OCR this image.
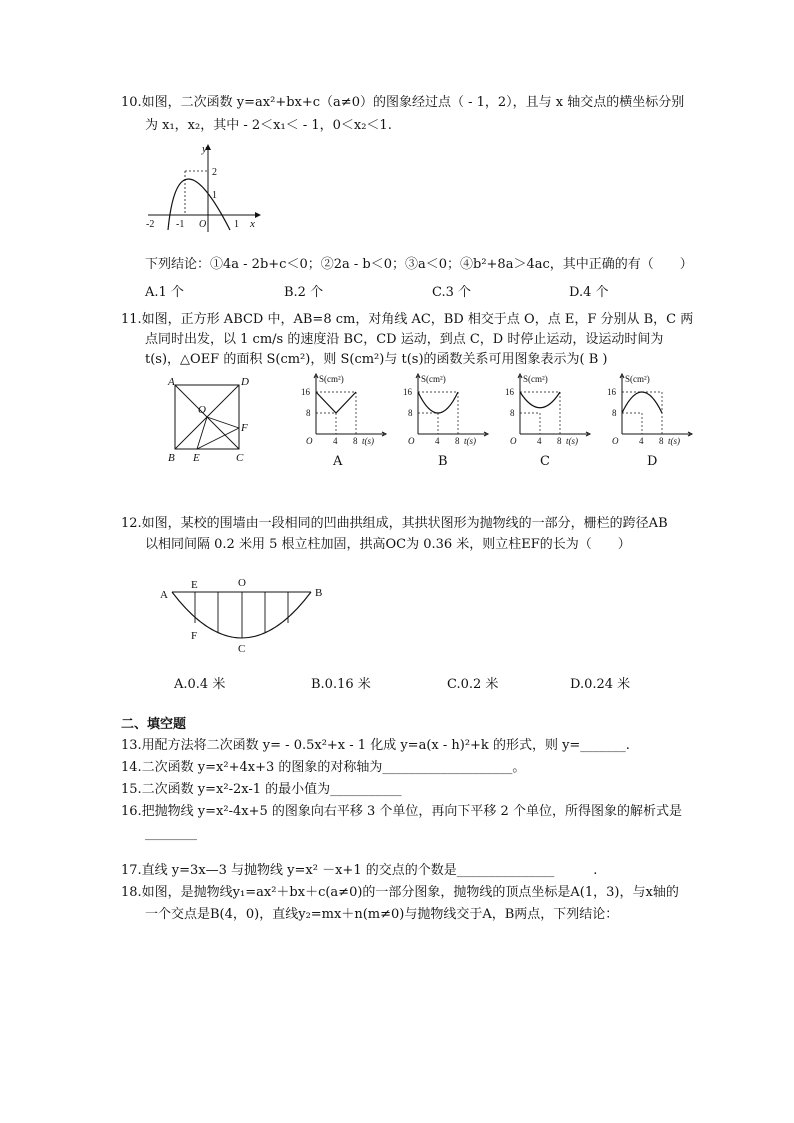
10.如图，二次函数 y=ax²+bx+c（a≠0）的图象经过点（ - 1，2），且与 x 轴交点的横坐标分别
为 x₁，x₂，其中 - 2＜x₁＜ - 1，0＜x₂＜1.
y
x
2
1
-2 -1 O	1
下列结论：①4a - 2b+c＜0；②2a - b＜0；③a＜0；④b²+8a＞4ac，其中正确的有（　　）
A.1 个	B.2 个	C.3 个	D.4 个
11.如图，正方形 ABCD 中，AB=8 cm，对角线 AC，BD 相交于点 O，点 E，F 分别从 B，C 两
点同时出发，以 1 cm/s 的速度沿 BC，CD 运动，到点 C，D 时停止运动，设运动时间为
t(s)，△OEF 的面积 S(cm²)，则 S(cm²)与 t(s)的函数关系可用图象表示为( B )
A	D
O
F
B E	C
S(cm²)
16
8
O 4 8 t(s)
S(cm²)
16
8
O 4 8 t(s)
S(cm²)
16
8
O 4 8 t(s)
S(cm²)
16
8
O 4 8 t(s)
A	B	C	D
12.如图，某校的围墙由一段相同的凹曲拱组成，其拱状图形为抛物线的一部分，栅栏的跨径AB
以相同间隔 0.2 米用 5 根立柱加固，拱高OC为 0.36 米，则立柱EF的长为（　　）
A
E	O
B
F
C
A.0.4 米	B.0.16 米	C.0.2 米	D.0.24 米
二、填空题
13.用配方法将二次函数 y= - 0.5x²+x - 1 化成 y=a(x - h)²+k 的形式，则 y=_______.
14.二次函数 y=x²+4x+3 的图象的对称轴为____________________。
15.二次函数 y=x²-2x-1 的最小值为___________
16.把抛物线 y=x²-4x+5 的图象向右平移 3 个单位，再向下平移 2 个单位，所得图象的解析式是
________
17.直线 y=3x—3 与抛物线 y=x² －x+1 的交点的个数是_______________　　　.
18.如图，是抛物线y₁=ax²＋bx＋c(a≠0)的一部分图象，抛物线的顶点坐标是A(1，3)，与x轴的
一个交点是B(4，0)，直线y₂=mx＋n(m≠0)与抛物线交于A，B两点，下列结论：
